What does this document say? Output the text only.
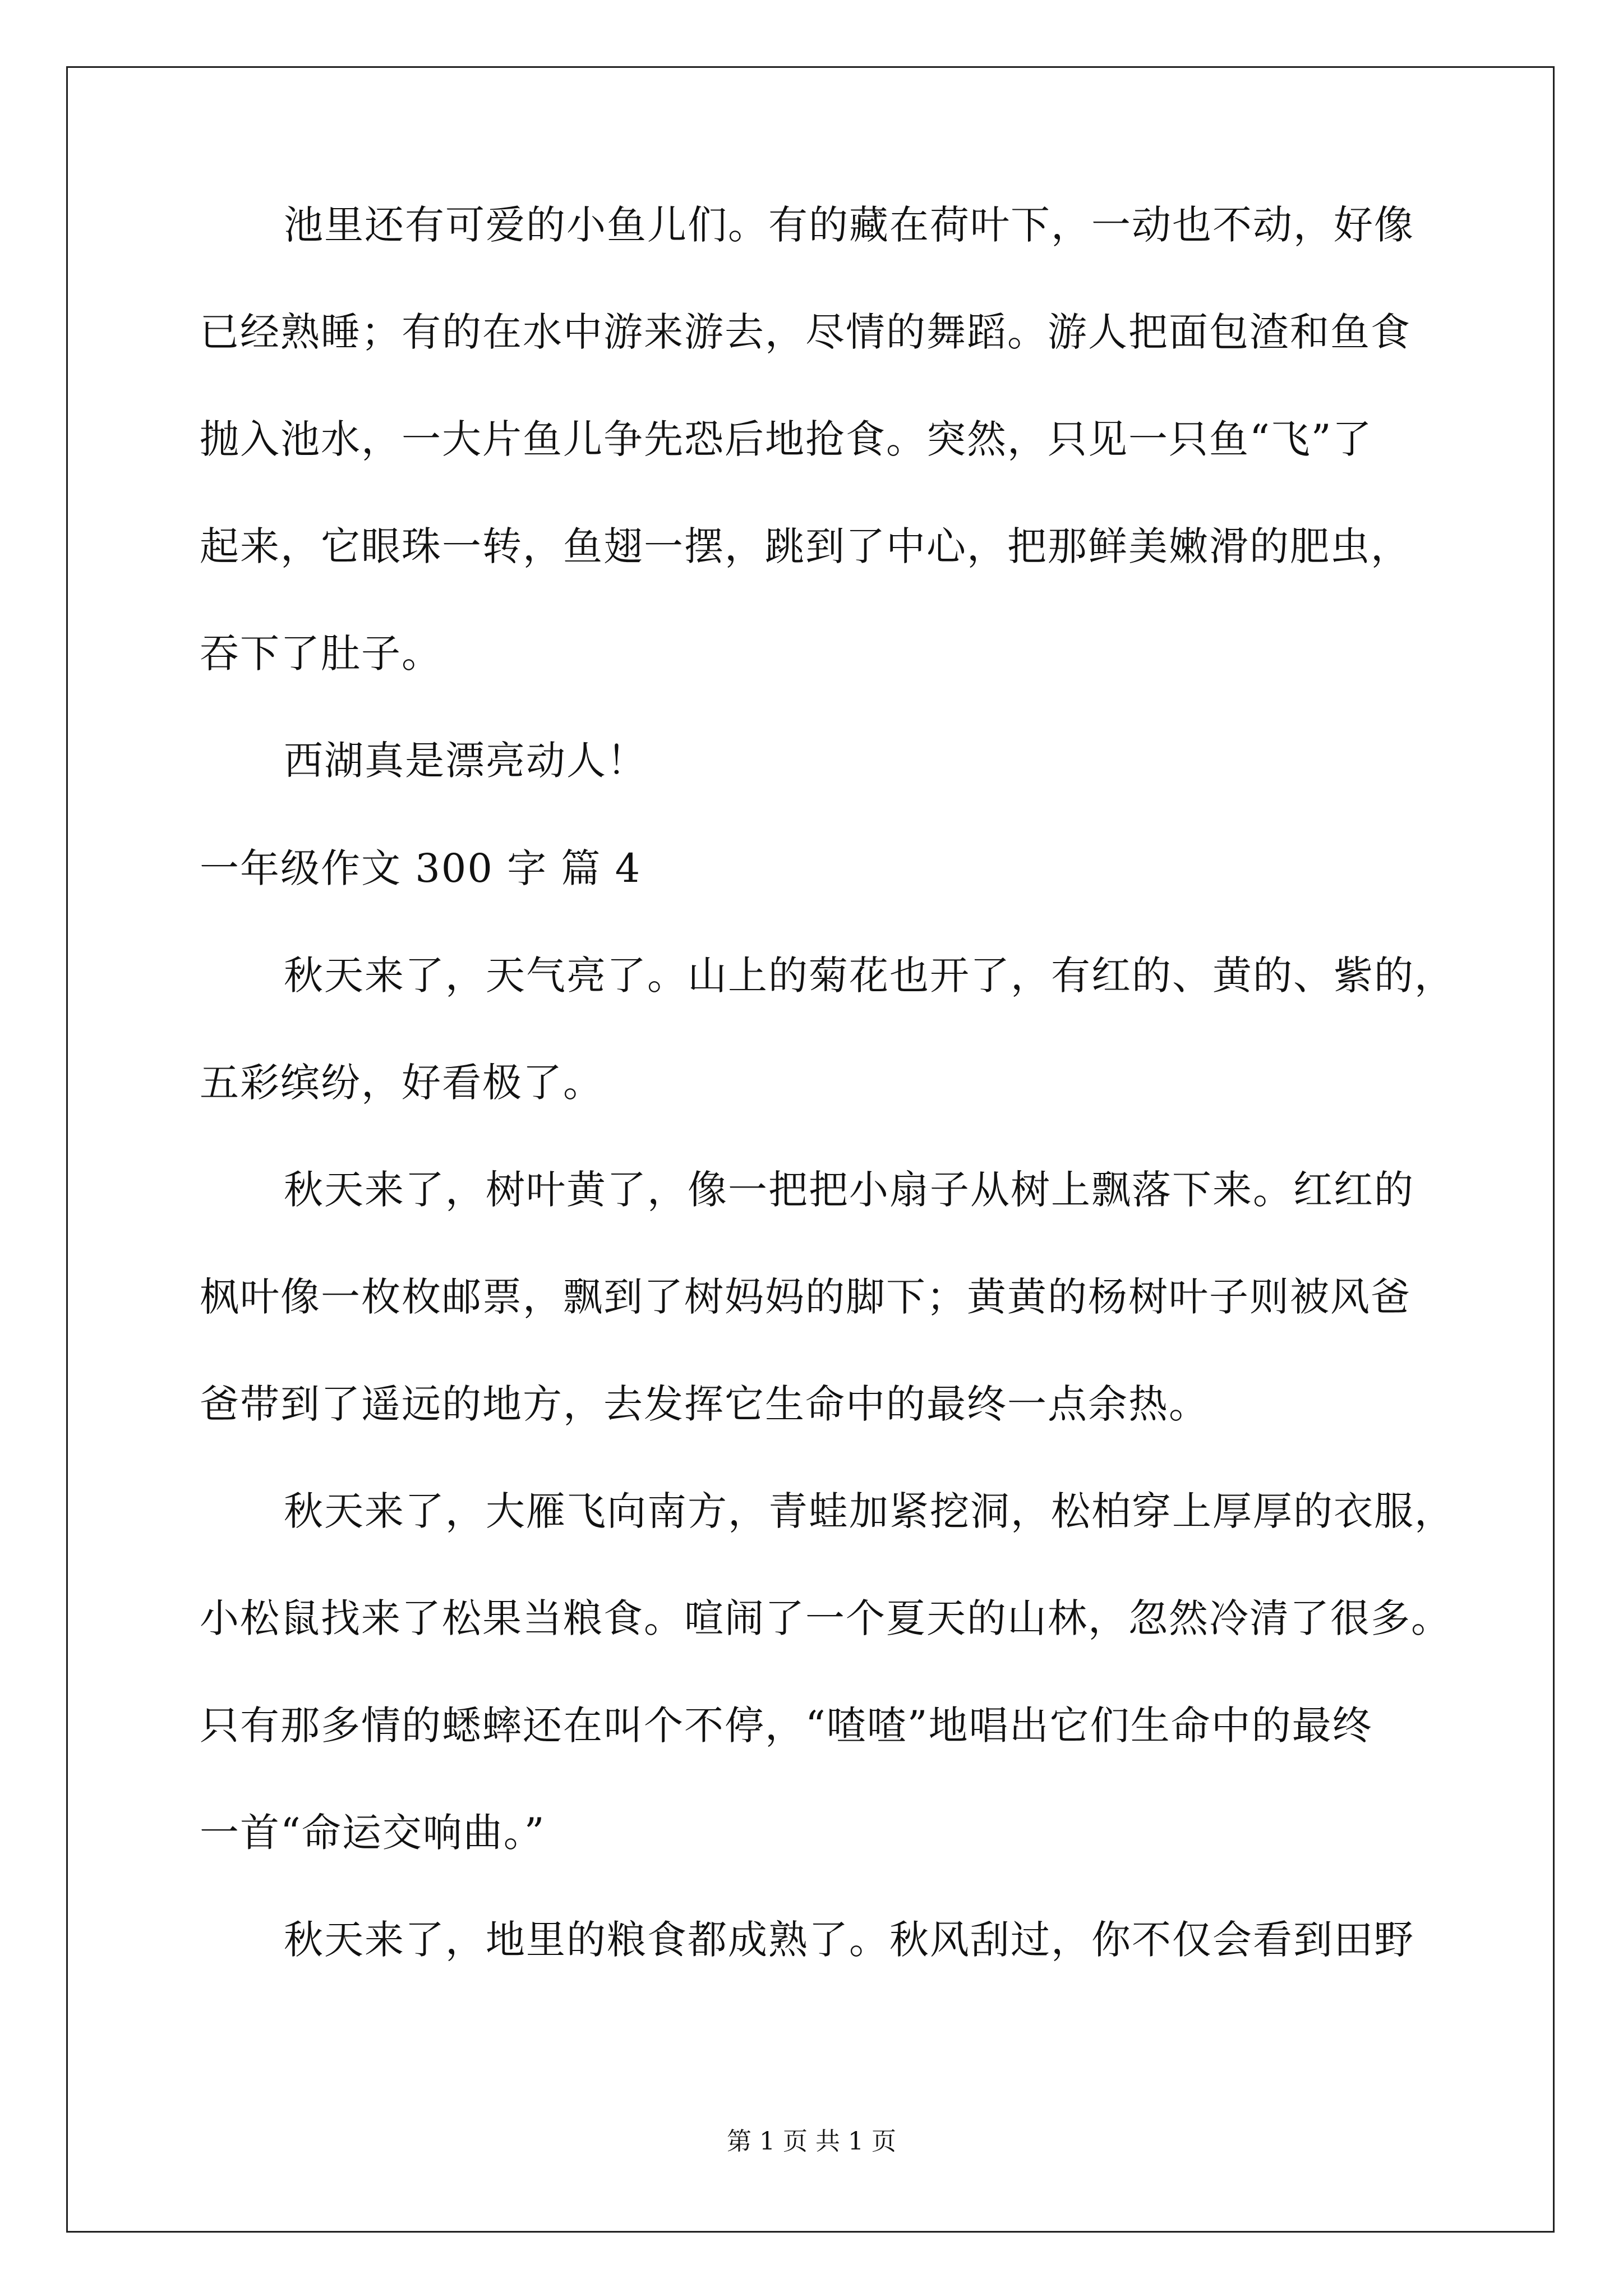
池里还有可爱的小鱼儿们。有的藏在荷叶下，一动也不动，好像
已经熟睡；有的在水中游来游去，尽情的舞蹈。游人把面包渣和鱼食
抛入池水，一大片鱼儿争先恐后地抢食。突然，只见一只鱼“飞”了
起来，它眼珠一转，鱼翅一摆，跳到了中心，把那鲜美嫩滑的肥虫，
吞下了肚子。
西湖真是漂亮动人！
一年级作文 300 字 篇 4
秋天来了，天气亮了。山上的菊花也开了，有红的、黄的、紫的，
五彩缤纷，好看极了。
秋天来了，树叶黄了，像一把把小扇子从树上飘落下来。红红的
枫叶像一枚枚邮票，飘到了树妈妈的脚下；黄黄的杨树叶子则被风爸
爸带到了遥远的地方，去发挥它生命中的最终一点余热。
秋天来了，大雁飞向南方，青蛙加紧挖洞，松柏穿上厚厚的衣服，
小松鼠找来了松果当粮食。喧闹了一个夏天的山林，忽然冷清了很多。
只有那多情的蟋蟀还在叫个不停，“喳喳”地唱出它们生命中的最终
一首“命运交响曲。”
秋天来了，地里的粮食都成熟了。秋风刮过，你不仅会看到田野
第 1 页 共 1 页
